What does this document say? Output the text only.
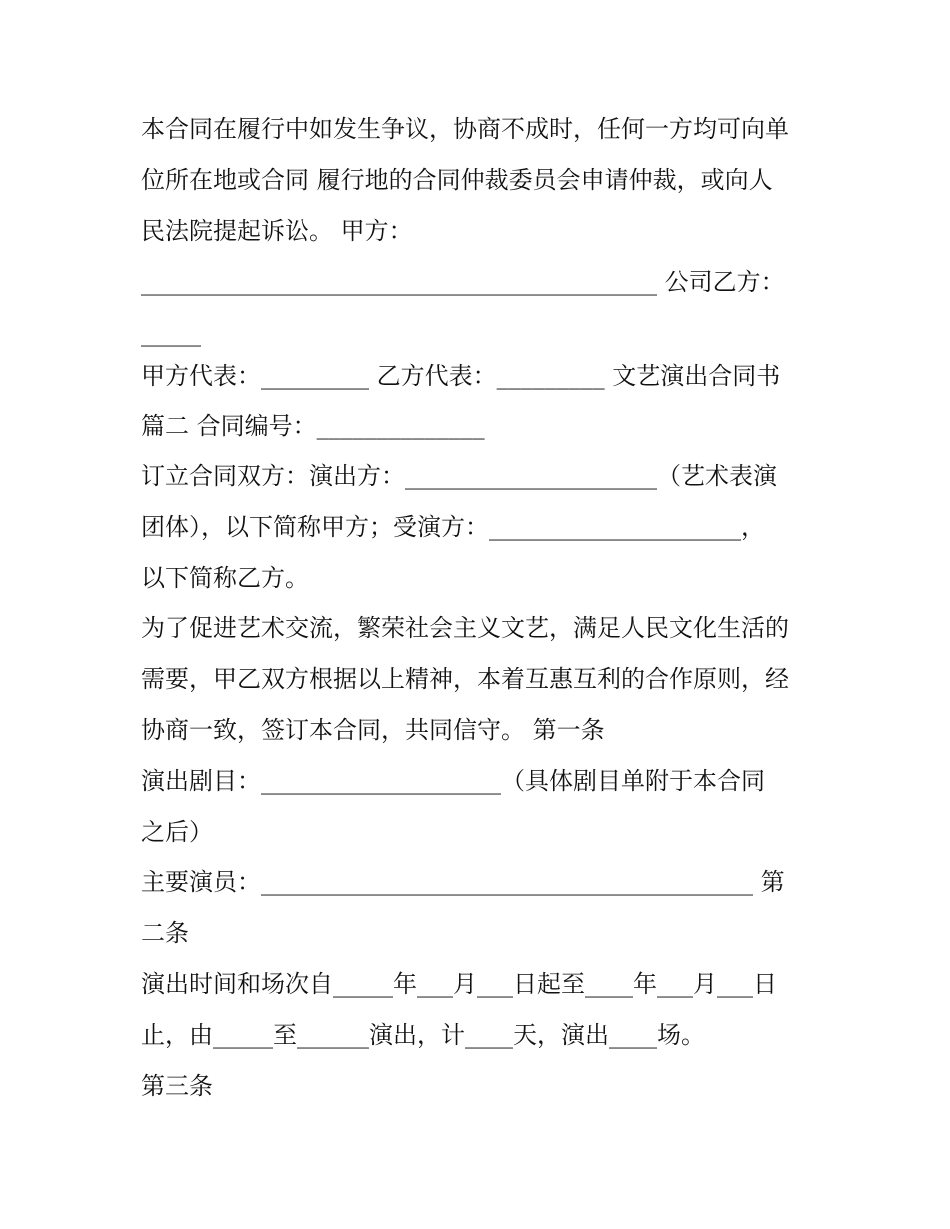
本合同在履行中如发生争议，协商不成时，任何一方均可向单
位所在地或合同 履行地的合同仲裁委员会申请仲裁，或向人
民法院提起诉讼。 甲方：
___________________________________________ 公司乙方：
_____
甲方代表：_________ 乙方代表：_________ 文艺演出合同书
篇二 合同编号：______________
订立合同双方：演出方：_____________________（艺术表演
团体），以下简称甲方；受演方：_____________________，
以下简称乙方。
为了促进艺术交流，繁荣社会主义文艺，满足人民文化生活的
需要，甲乙双方根据以上精神，本着互惠互利的合作原则，经
协商一致，签订本合同，共同信守。 第一条
演出剧目：____________________（具体剧目单附于本合同
之后）
主要演员：_________________________________________ 第
二条
演出时间和场次自_____年___月___日起至____年___月___日
止，由_____至______演出，计____天，演出____场。
第三条
